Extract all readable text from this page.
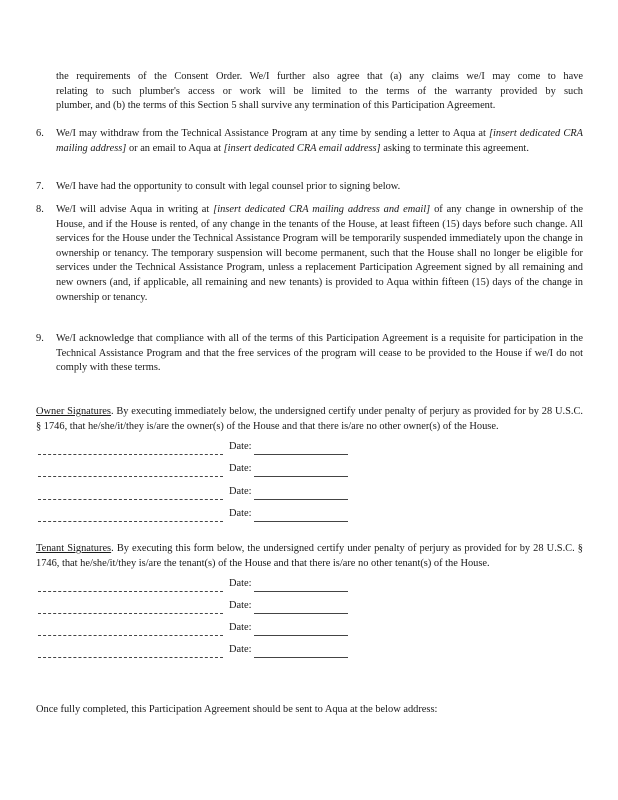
the requirements of the Consent Order. We/I further also agree that (a) any claims we/I may come to have

relating to such plumber's access or work will be limited to the terms of the warranty provided by such

plumber, and (b) the terms of this Section 5 shall survive any termination of this Participation Agreement.

6.	We/I may withdraw from the Technical Assistance Program at any time by sending a letter to Aqua at [insert dedicated CRA mailing address] or an email to Aqua at [insert dedicated CRA email address] asking to terminate this agreement.
7.	We/I have had the opportunity to consult with legal counsel prior to signing below.
8.	We/I will advise Aqua in writing at [insert dedicated CRA mailing address and email] of any change in ownership of the House, and if the House is rented, of any change in the tenants of the House, at least fifteen (15) days before such change. All services for the House under the Technical Assistance Program will be temporarily suspended immediately upon the change in ownership or tenancy. The temporary suspension will become permanent, such that the House shall no longer be eligible for services under the Technical Assistance Program, unless a replacement Participation Agreement signed by all remaining and new owners (and, if applicable, all remaining and new tenants) is provided to Aqua within fifteen (15) days of the change in ownership or tenancy.
9.	We/I acknowledge that compliance with all of the terms of this Participation Agreement is a requisite for participation in the Technical Assistance Program and that the free services of the program will cease to be provided to the House if we/I do not comply with these terms.
Owner Signatures. By executing immediately below, the undersigned certify under penalty of perjury as provided for by 28 U.S.C. § 1746, that he/she/it/they is/are the owner(s) of the House and that there is/are no other owner(s) of the House.
Date:
Date:
Date:
Date:
Tenant Signatures. By executing this form below, the undersigned certify under penalty of perjury as provided for by 28 U.S.C. § 1746, that he/she/it/they is/are the tenant(s) of the House and that there is/are no other tenant(s) of the House.
Date:
Date:
Date:
Date:
Once fully completed, this Participation Agreement should be sent to Aqua at the below address:
